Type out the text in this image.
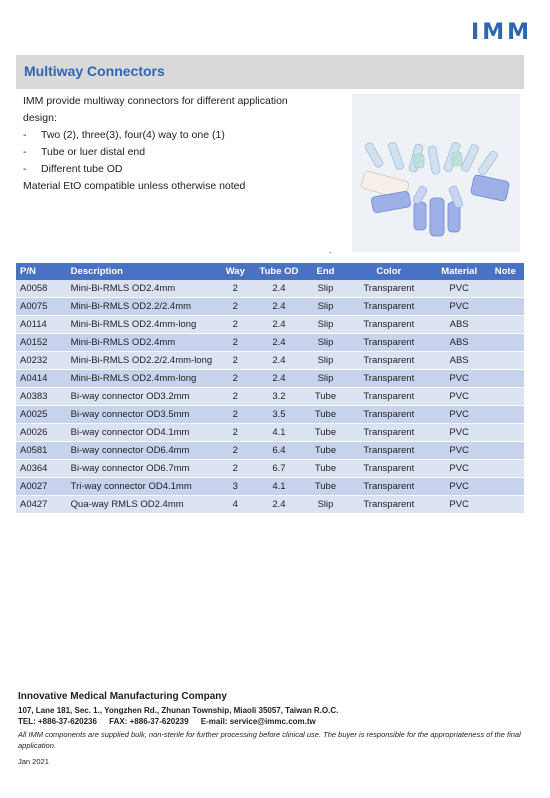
IMM
Multiway Connectors
IMM provide multiway connectors for different application
design:
-	Two (2), three(3), four(4) way to one (1)
-	Tube or luer distal end
-	Different tube OD
Material EtO compatible unless otherwise noted
-
P/N	Description	Way	Tube OD	End	Color	Material	Note
A0058	Mini-Bi-RMLS OD2.4mm	2	2.4	Slip	Transparent	PVC	
A0075	Mini-Bi-RMLS OD2.2/2.4mm	2	2.4	Slip	Transparent	PVC	
A0114	Mini-Bi-RMLS OD2.4mm-long	2	2.4	Slip	Transparent	ABS	
A0152	Mini-Bi-RMLS OD2.4mm	2	2.4	Slip	Transparent	ABS	
A0232	Mini-Bi-RMLS OD2.2/2.4mm-long	2	2.4	Slip	Transparent	ABS	
A0414	Mini-Bi-RMLS OD2.4mm-long	2	2.4	Slip	Transparent	PVC	
A0383	Bi-way connector OD3.2mm	2	3.2	Tube	Transparent	PVC	
A0025	Bi-way connector OD3.5mm	2	3.5	Tube	Transparent	PVC	
A0026	Bi-way connector OD4.1mm	2	4.1	Tube	Transparent	PVC	
A0581	Bi-way connector OD6.4mm	2	6.4	Tube	Transparent	PVC	
A0364	Bi-way connector OD6.7mm	2	6.7	Tube	Transparent	PVC	
A0027	Tri-way connector OD4.1mm	3	4.1	Tube	Transparent	PVC	
A0427	Qua-way RMLS OD2.4mm	4	2.4	Slip	Transparent	PVC	
Innovative Medical Manufacturing Company
107, Lane 181, Sec. 1., Yongzhen Rd., Zhunan Township, Miaoli 35057, Taiwan R.O.C.
TEL: +886-37-620236 FAX: +886-37-620239 E-mail: service@immc.com.tw
All IMM components are supplied bulk, non-sterile for further processing before clinical use. The buyer is responsible for the appropriateness of the final application.
Jan 2021
